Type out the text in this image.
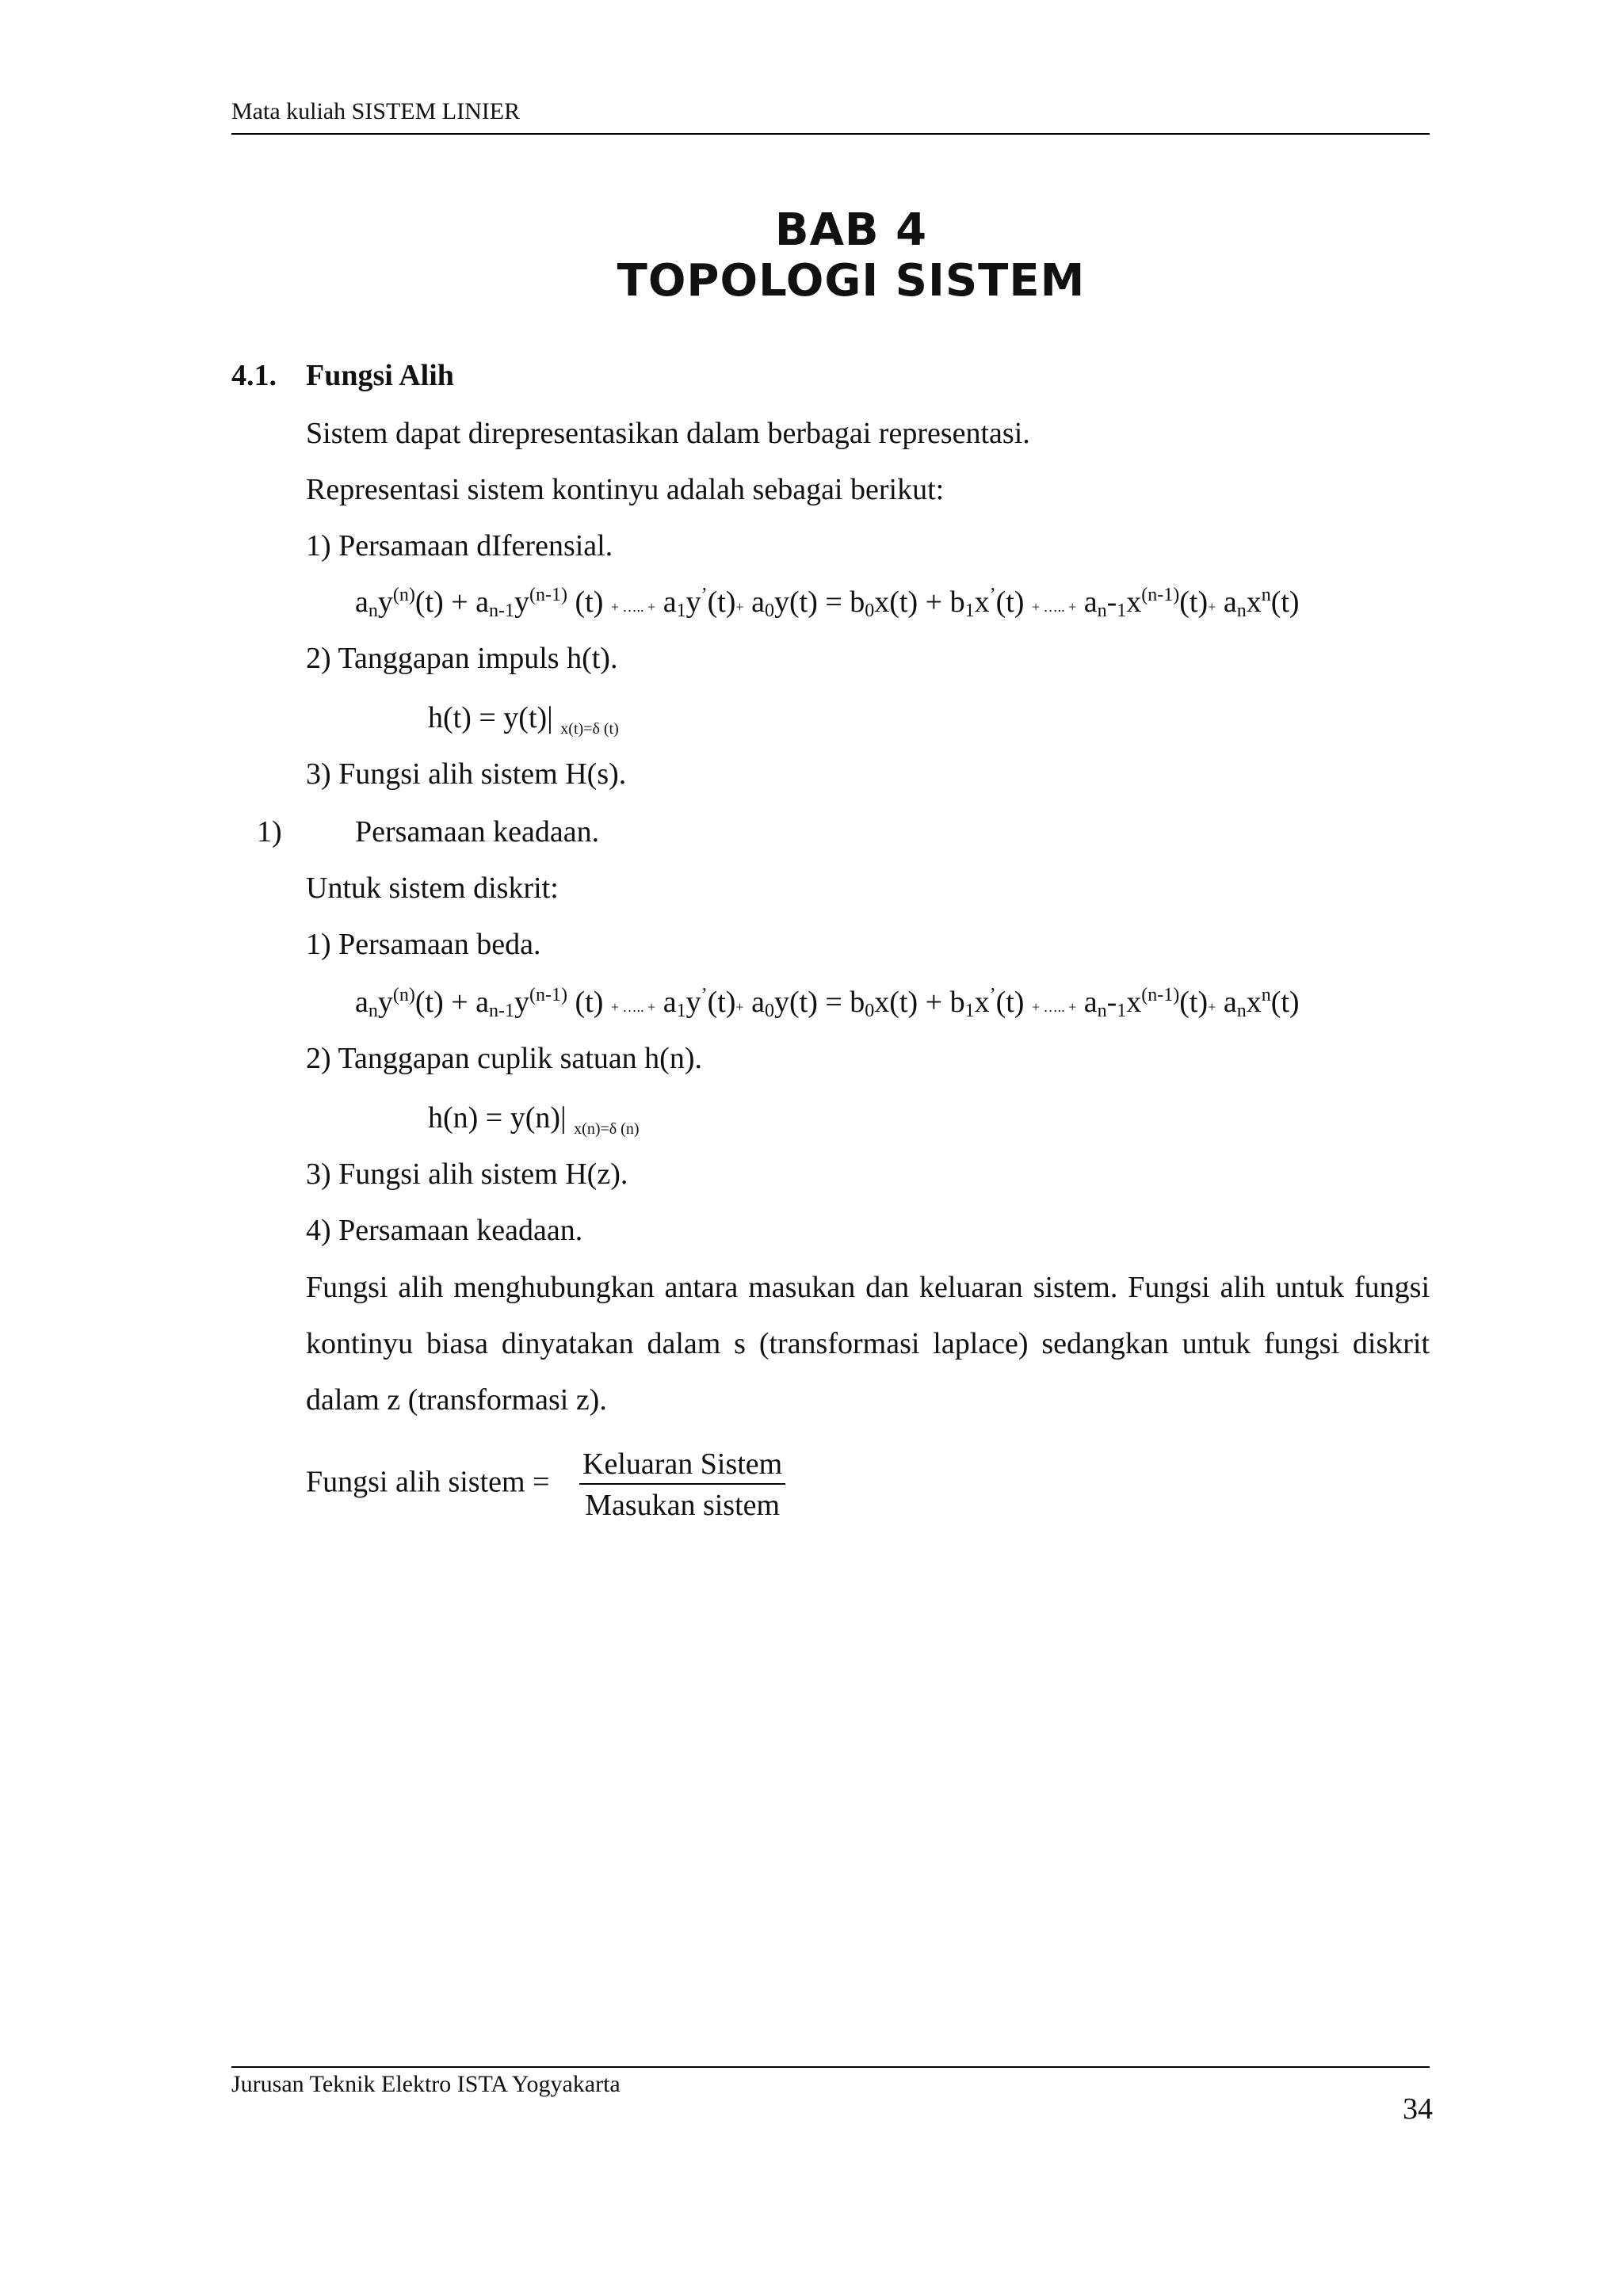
Mata kuliah SISTEM LINIER
BAB 4
TOPOLOGI SISTEM
4.1. Fungsi Alih
Sistem dapat direpresentasikan dalam berbagai representasi.
Representasi sistem kontinyu adalah sebagai berikut:
1) Persamaan dIferensial.
$a_ny^{(n)}(t) + a_{n-1}y^{(n-1)}$ (t) + ….. + $a_1y^’(t)+ a_0y(t) = b_0x(t) + b_1x^’(t)$ + ….. + $a_n-_1x^{(n-1)}(t)+ a_nx^n(t)$
2) Tanggapan impuls h(t).
h(t) = y(t)| $_{x(t)=\delta (t)}$
3) Fungsi alih sistem H(s).
1) Persamaan keadaan.
Untuk sistem diskrit:
1) Persamaan beda.
$a_ny^{(n)}(t) + a_{n-1}y^{(n-1)}$ (t) + ….. + $a_1y^’(t)+ a_0y(t) = b_0x(t) + b_1x^’(t)$ + ….. + $a_n-_1x^{(n-1)}(t)+ a_nx^n(t)$
2) Tanggapan cuplik satuan h(n).
h(n) = y(n)| $_{x(n)=\delta (n)}$
3) Fungsi alih sistem H(z).
4) Persamaan keadaan.
Fungsi alih menghubungkan antara masukan dan keluaran sistem. Fungsi alih untuk fungsi kontinyu biasa dinyatakan dalam s (transformasi laplace) sedangkan untuk fungsi diskrit dalam z (transformasi z).
Fungsi alih sistem = $\frac{\text{Keluaran Sistem}}{\text{Masukan sistem}}$
Jurusan Teknik Elektro ISTA Yogyakarta
34
